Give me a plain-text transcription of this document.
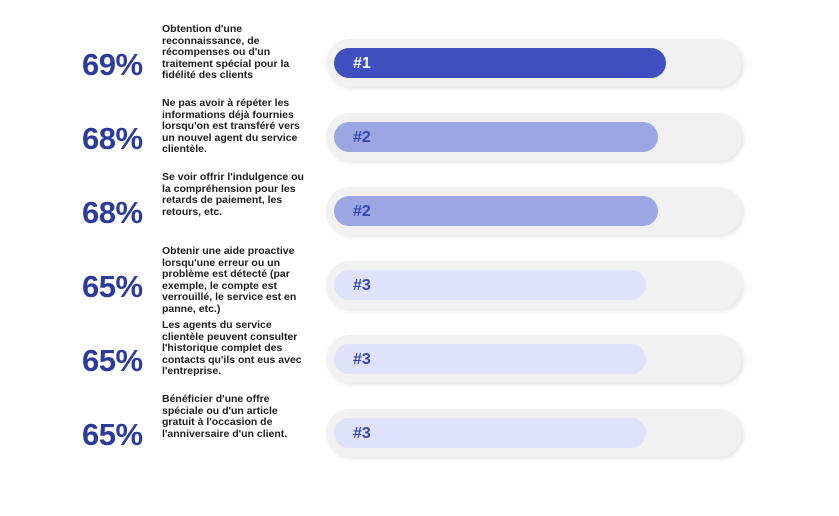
69%
Obtention d'une reconnaissance, de récompenses ou d'un traitement spécial pour la fidélité des clients
#1
68%
Ne pas avoir à répéter les informations déjà fournies lorsqu'on est transféré vers un nouvel agent du service clientèle.
#2
68%
Se voir offrir l'indulgence ou la compréhension pour les retards de paiement, les retours, etc.	#2
65%
Obtenir une aide proactive lorsqu'une erreur ou un problème est détecté (par exemple, le compte est verrouillé, le service est en panne, etc.)
#3
65%
Les agents du service clientèle peuvent consulter l'historique complet des contacts qu'ils ont eus avec l'entreprise.
#3
65%
Bénéficier d'une offre spéciale ou d'un article gratuit à l'occasion de l'anniversaire d'un client.	#3
